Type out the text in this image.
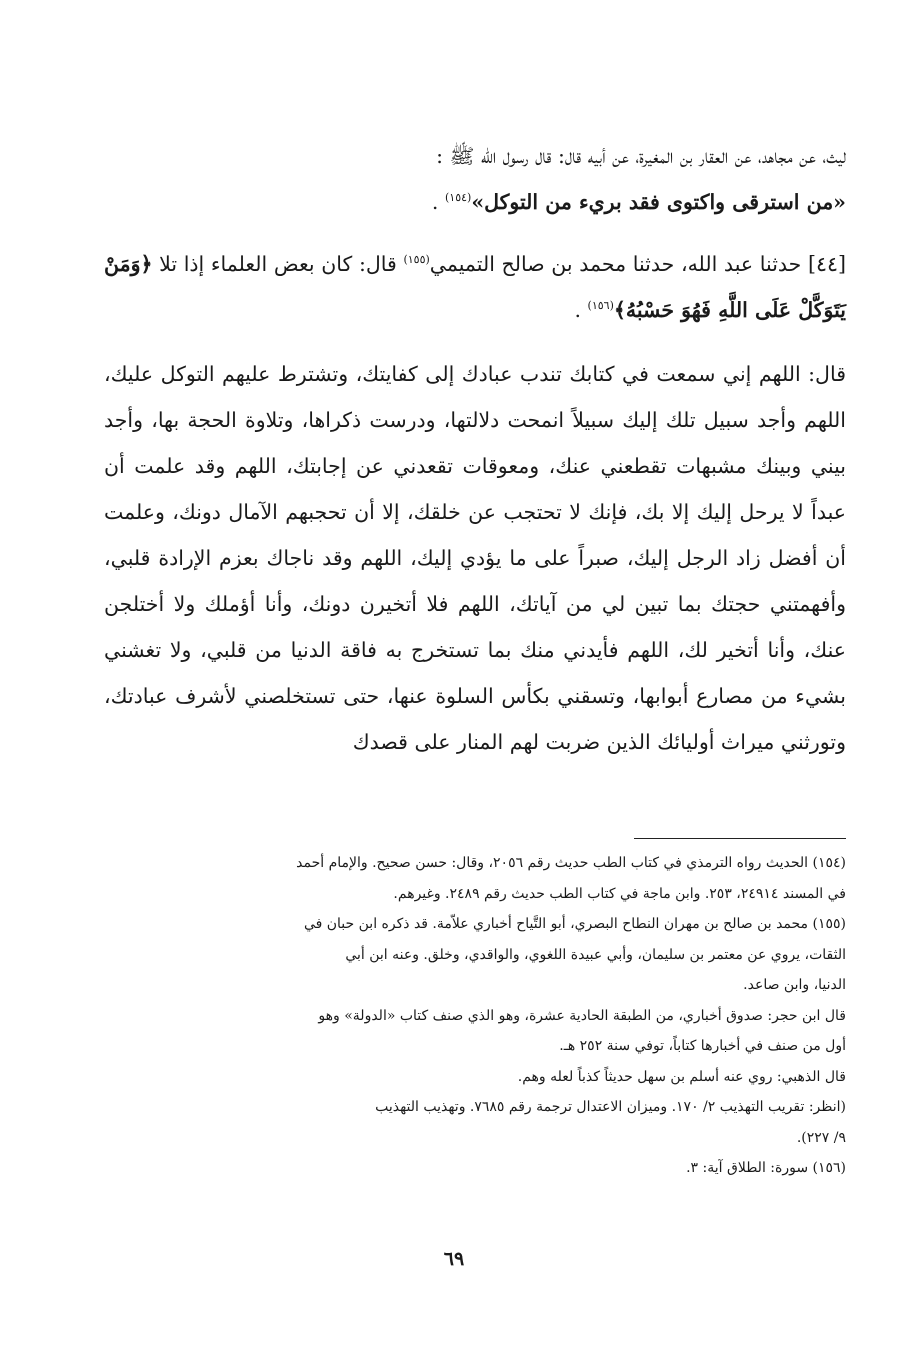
ليث، عن مجاهد، عن العقار بن المغيرة، عن أبيه قال: قال رسول الله ﷺ :

«من استرقى واكتوى فقد بريء من التوكل»$^{(١٥٤)}$ .

[٤٤] حدثنا عبد الله، حدثنا محمد بن صالح التميمي$^{(١٥٥)}$ قال: كان بعض العلماء إذا تلا ﴿وَمَنْ يَتَوَكَّلْ عَلَى اللَّهِ فَهُوَ حَسْبُهُ﴾$^{(١٥٦)}$ .

قال: اللهم إني سمعت في كتابك تندب عبادك إلى كفايتك، وتشترط عليهم التوكل عليك، اللهم وأجد سبيل تلك إليك سبيلاً انمحت دلالتها، ودرست ذكراها، وتلاوة الحجة بها، وأجد بيني وبينك مشبهات تقطعني عنك، ومعوقات تقعدني عن إجابتك، اللهم وقد علمت أن عبداً لا يرحل إليك إلا بك، فإنك لا تحتجب عن خلقك، إلا أن تحجبهم الآمال دونك، وعلمت أن أفضل زاد الرجل إليك، صبراً على ما يؤدي إليك، اللهم وقد ناجاك بعزم الإرادة قلبي، وأفهمتني حجتك بما تبين لي من آياتك، اللهم فلا أتخيرن دونك، وأنا أؤملك ولا أختلجن عنك، وأنا أتخير لك، اللهم فأيدني منك بما تستخرج به فاقة الدنيا من قلبي، ولا تغشني بشيء من مصارع أبوابها، وتسقني بكأس السلوة عنها، حتى تستخلصني لأشرف عبادتك، وتورثني ميراث أوليائك الذين ضربت لهم المنار على قصدك

(١٥٤) الحديث رواه الترمذي في كتاب الطب حديث رقم ٢٠٥٦، وقال: حسن صحيح. والإمام أحمد

في المسند ٢٤٩١٤، ٢٥٣. وابن ماجة في كتاب الطب حديث رقم ٢٤٨٩. وغيرهم.

(١٥٥) محمد بن صالح بن مهران النطاح البصري، أبو التَّياح أخباري علاّمة. قد ذكره ابن حبان في

الثقات، يروي عن معتمر بن سليمان، وأبي عبيدة اللغوي، والواقدي، وخلق. وعنه ابن أبي

الدنيا، وابن صاعد.

قال ابن حجر: صدوق أخباري، من الطبقة الحادية عشرة، وهو الذي صنف كتاب «الدولة» وهو

أول من صنف في أخبارها كتاباً، توفي سنة ٢٥٢ هـ.

قال الذهبي: روي عنه أسلم بن سهل حديثاً كذباً لعله وهم.

(انظر: تقريب التهذيب ٢/ ١٧٠. وميزان الاعتدال ترجمة رقم ٧٦٨٥. وتهذيب التهذيب

٩/ ٢٢٧).

(١٥٦) سورة: الطلاق آية: ٣.

٦٩
